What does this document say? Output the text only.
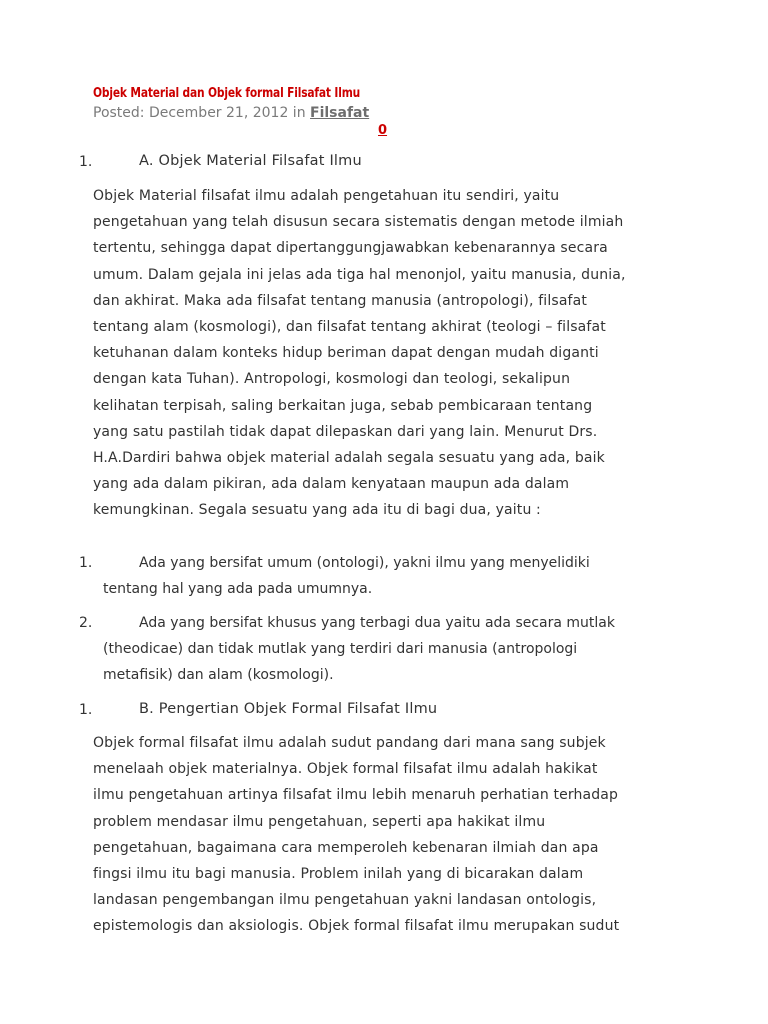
Objek Material dan Objek formal Filsafat Ilmu
Posted: December 21, 2012 in Filsafat
0
1.	A. Objek Material Filsafat Ilmu
Objek Material filsafat ilmu adalah pengetahuan itu sendiri, yaitu
pengetahuan yang telah disusun secara sistematis dengan metode ilmiah
tertentu, sehingga dapat dipertanggungjawabkan kebenarannya secara
umum. Dalam gejala ini jelas ada tiga hal menonjol, yaitu manusia, dunia,
dan akhirat. Maka ada filsafat tentang manusia (antropologi), filsafat
tentang alam (kosmologi), dan filsafat tentang akhirat (teologi – filsafat
ketuhanan dalam konteks hidup beriman dapat dengan mudah diganti
dengan kata Tuhan). Antropologi, kosmologi dan teologi, sekalipun
kelihatan terpisah, saling berkaitan juga, sebab pembicaraan tentang
yang satu pastilah tidak dapat dilepaskan dari yang lain. Menurut Drs.
H.A.Dardiri bahwa objek material adalah segala sesuatu yang ada, baik
yang ada dalam pikiran, ada dalam kenyataan maupun ada dalam
kemungkinan. Segala sesuatu yang ada itu di bagi dua, yaitu :
1.	Ada yang bersifat umum (ontologi), yakni ilmu yang menyelidiki
tentang hal yang ada pada umumnya.
2.	Ada yang bersifat khusus yang terbagi dua yaitu ada secara mutlak
(theodicae) dan tidak mutlak yang terdiri dari manusia (antropologi
metafisik) dan alam (kosmologi).
1.	B. Pengertian Objek Formal Filsafat Ilmu
Objek formal filsafat ilmu adalah sudut pandang dari mana sang subjek
menelaah objek materialnya. Objek formal filsafat ilmu adalah hakikat
ilmu pengetahuan artinya filsafat ilmu lebih menaruh perhatian terhadap
problem mendasar ilmu pengetahuan, seperti apa hakikat ilmu
pengetahuan, bagaimana cara memperoleh kebenaran ilmiah dan apa
fingsi ilmu itu bagi manusia. Problem inilah yang di bicarakan dalam
landasan pengembangan ilmu pengetahuan yakni landasan ontologis,
epistemologis dan aksiologis. Objek formal filsafat ilmu merupakan sudut
